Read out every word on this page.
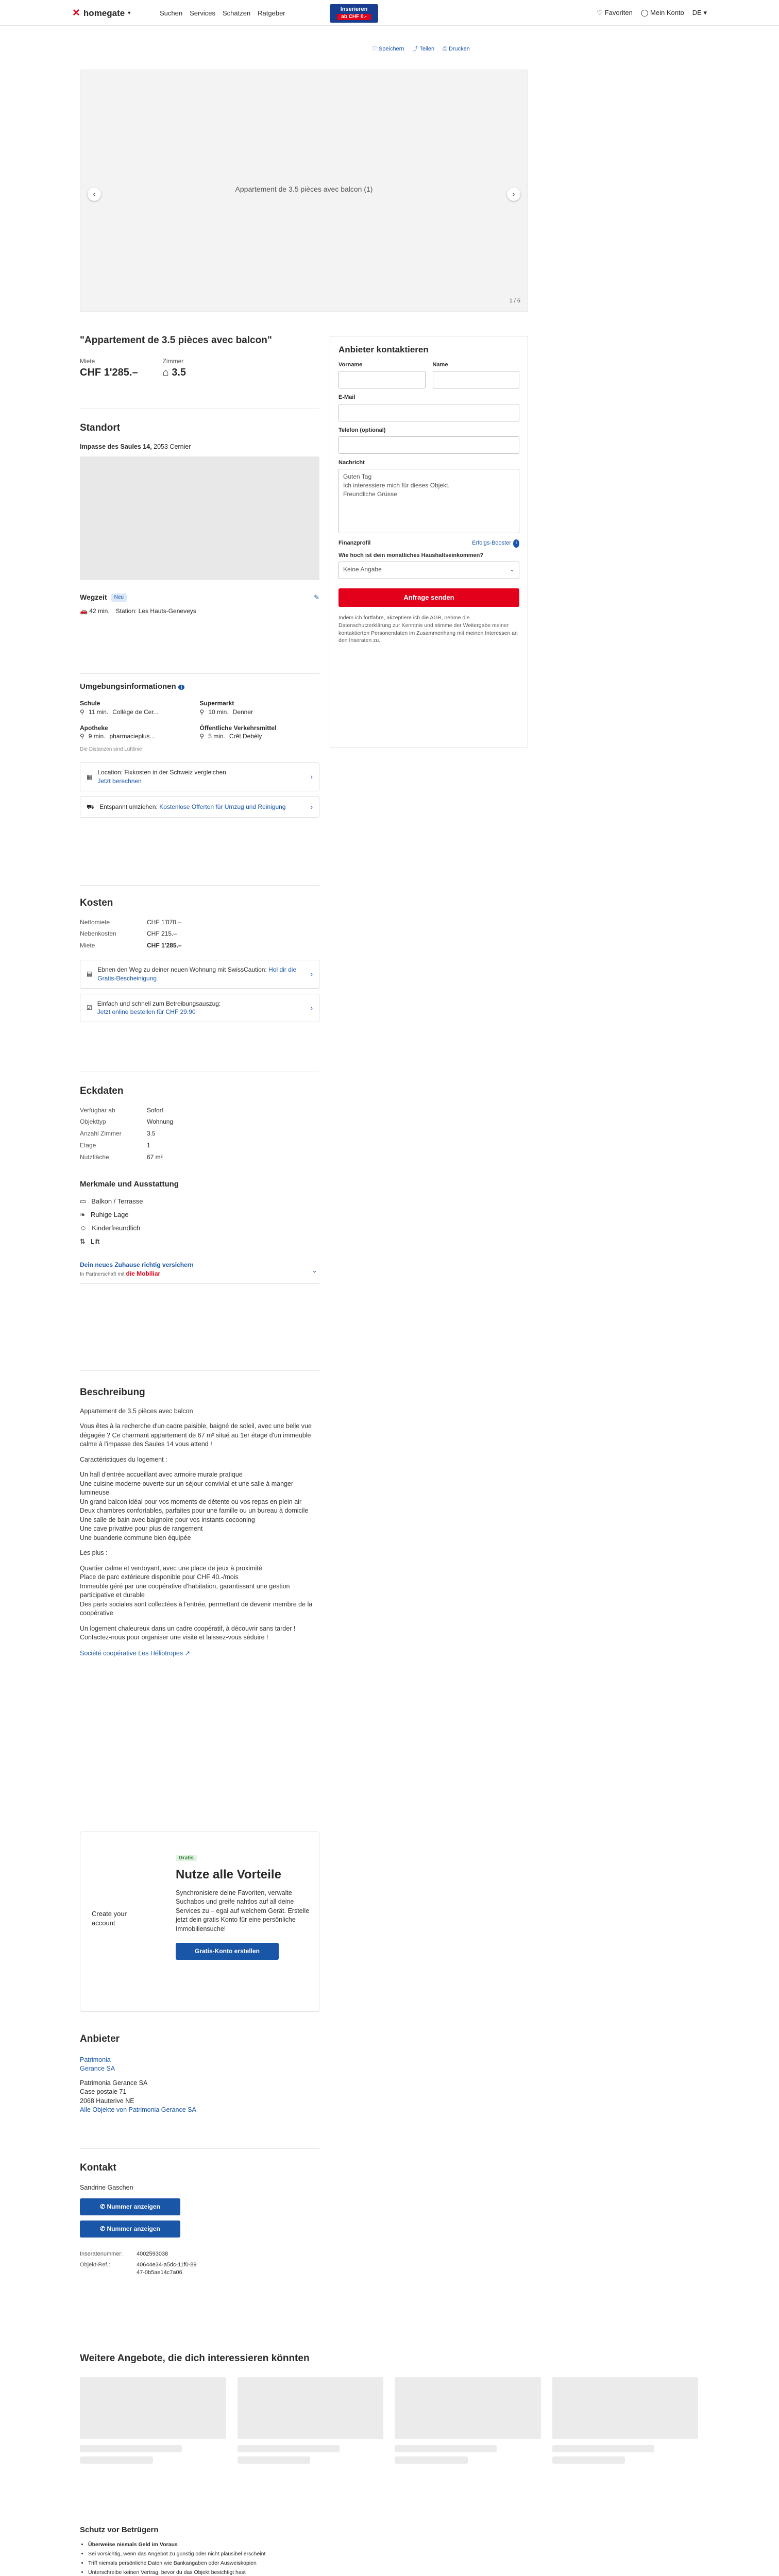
✕ homegate ▾	Suchen Services Schätzen Ratgeber	Inserieren
ab CHF 0.-
♡ Favoriten ◯ Mein Konto DE ▾
♡ Speichern ⤴ Teilen ⎙ Drucken
Appartement de 3.5 pièces avec balcon (1)
‹	›
1 / 6
"Appartement de 3.5 pièces avec balcon"
Miete
CHF 1'285.–
Zimmer
⌂ 3.5
Standort
Impasse des Saules 14, 2053 Cernier
Wegzeit	Neu	✎
🚗 42 min. Station: Les Hauts-Geneveys
Umgebungsinformationen i
Schule
⚲ 11 min. Collège de Cer...
Supermarkt
⚲ 10 min. Denner
Apotheke
⚲ 9 min. pharmacieplus...
Öffentliche Verkehrsmittel
⚲ 5 min. Crêt Debély
Die Distanzen sind Luftlinie
▦
Location: Fixkosten in der Schweiz vergleichen
Jetzt berechnen
›
⛟ Entspannt umziehen: Kostenlose Offerten für Umzug und Reinigung	›
Kosten
Nettomiete	CHF 1'070.–
Nebenkosten	CHF 215.–
Miete	CHF 1'285.–
▤
Ebnen den Weg zu deiner neuen Wohnung mit SwissCaution: Hol dir die Gratis-Bescheinigung
›
☑
Einfach und schnell zum Betreibungsauszug:
Jetzt online bestellen für CHF 29.90
›
Eckdaten
Verfügbar ab	Sofort
Objekttyp	Wohnung
Anzahl Zimmer	3.5
Etage	1
Nutzfläche	67 m²
Merkmale und Ausstattung
▭ Balkon / Terrasse
❧ Ruhige Lage
☺ Kinderfreundlich
⇅ Lift
Dein neues Zuhause richtig versichern
In Partnerschaft mit die Mobiliar	⌄
Beschreibung

Appartement de 3.5 pièces avec balcon

Vous êtes à la recherche d'un cadre paisible, baigné de soleil, avec une belle vue dégagée ? Ce charmant appartement de 67 m² situé au 1er étage d'un immeuble calme à l'impasse des Saules 14 vous attend !

Caractéristiques du logement :

Un hall d'entrée accueillant avec armoire murale pratique
Une cuisine moderne ouverte sur un séjour convivial et une salle à manger lumineuse
Un grand balcon idéal pour vos moments de détente ou vos repas en plein air
Deux chambres confortables, parfaites pour une famille ou un bureau à domicile
Une salle de bain avec baignoire pour vos instants cocooning
Une cave privative pour plus de rangement
Une buanderie commune bien équipée

Les plus :

Quartier calme et verdoyant, avec une place de jeux à proximité
Place de parc extérieure disponible pour CHF 40.-/mois
Immeuble géré par une coopérative d'habitation, garantissant une gestion participative et durable
Des parts sociales sont collectées à l'entrée, permettant de devenir membre de la coopérative

Un logement chaleureux dans un cadre coopératif, à découvrir sans tarder ! Contactez-nous pour organiser une visite et laissez-vous séduire !

Société coopérative Les Héliotropes ↗
Create your account
Gratis
Nutze alle Vorteile
Synchronisiere deine Favoriten, verwalte Suchabos und greife nahtlos auf all deine Services zu – egal auf welchem Gerät. Erstelle jetzt dein gratis Konto für eine persönliche Immobiliensuche!
Gratis-Konto erstellen
Anbieter
Patrimonia
Gerance SA
Patrimonia Gerance SA
Case postale 71
2068 Hauterive NE
Alle Objekte von Patrimonia Gerance SA
Kontakt
Sandrine Gaschen
✆ Nummer anzeigen
✆ Nummer anzeigen
Inseratenummer:	4002593038
Objekt-Ref.:	40644e34-a5dc-11f0-8947-0b5ae14c7a06
Anbieter kontaktieren
Vorname	Name
E-Mail
Telefon (optional)
Nachricht
Guten Tag
Ich interessiere mich für dieses Objekt.
Freundliche Grüsse
Finanzprofil	Erfolgs-Booster	i
Wie hoch ist dein monatliches Haushaltseinkommen?
Keine Angabe	⌄
Anfrage senden
Indem ich fortfahre, akzeptiere ich die AGB, nehme die Datenschutzerklärung zur Kenntnis und stimme der Weitergabe meiner kontaktierten Personendaten im Zusammenhang mit meinen Interessen an den Inseraten zu.
Weitere Angebote, die dich interessieren könnten
Schutz vor Betrügern
• Überweise niemals Geld im Voraus
• Sei vorsichtig, wenn das Angebot zu günstig oder nicht plausibel erscheint
• Triff niemals persönliche Daten wie Bankangaben oder Ausweiskopien
• Unterschreibe keinen Vertrag, bevor du das Objekt besichtigt hast
